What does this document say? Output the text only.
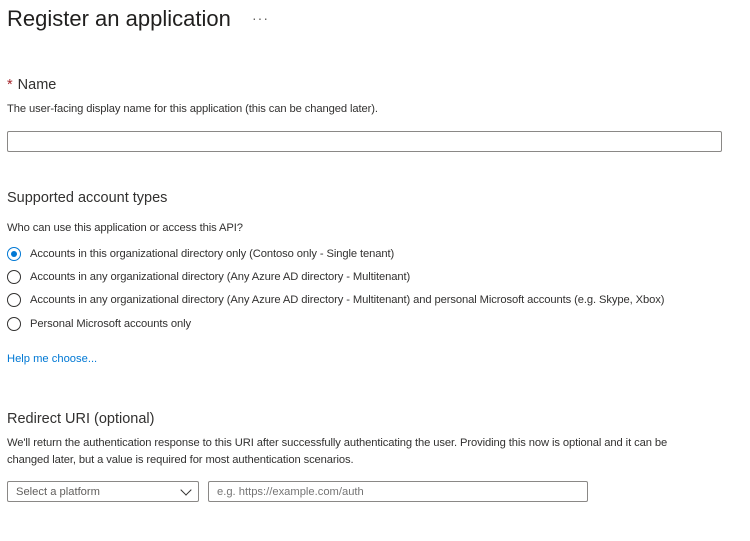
Register an application ···
* Name
The user-facing display name for this application (this can be changed later).
Supported account types
Who can use this application or access this API?
Accounts in this organizational directory only (Contoso only - Single tenant)
Accounts in any organizational directory (Any Azure AD directory - Multitenant)
Accounts in any organizational directory (Any Azure AD directory - Multitenant) and personal Microsoft accounts (e.g. Skype, Xbox)
Personal Microsoft accounts only
Help me choose...
Redirect URI (optional)
We'll return the authentication response to this URI after successfully authenticating the user. Providing this now is optional and it can be
changed later, but a value is required for most authentication scenarios.
Select a platform
e.g. https://example.com/auth
